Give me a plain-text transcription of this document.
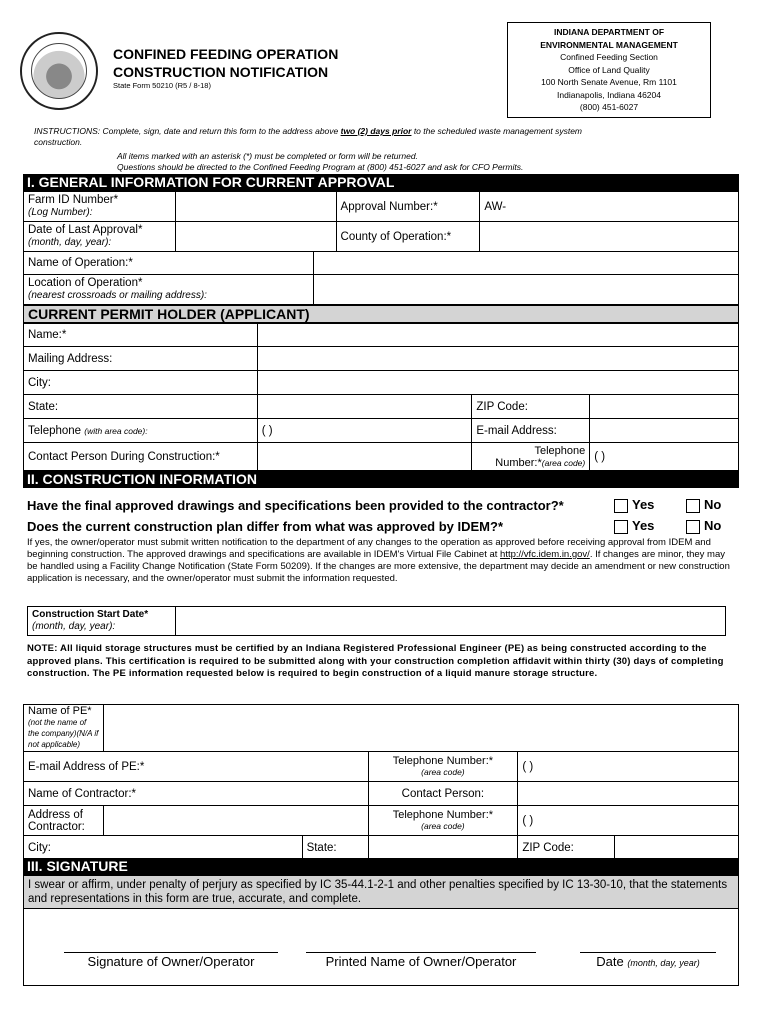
CONFINED FEEDING OPERATION
CONSTRUCTION NOTIFICATION
State Form 50210 (R5 / 8-18)
INDIANA DEPARTMENT OF
ENVIRONMENTAL MANAGEMENT
Confined Feeding Section
Office of Land Quality
100 North Senate Avenue, Rm 1101
Indianapolis, Indiana 46204
(800) 451-6027
INSTRUCTIONS: Complete, sign, date and return this form to the address above two (2) days prior to the scheduled waste management system
construction.
All items marked with an asterisk (*) must be completed or form will be returned.
Questions should be directed to the Confined Feeding Program at (800) 451-6027 and ask for CFO Permits.
I. GENERAL INFORMATION FOR CURRENT APPROVAL
Farm ID Number*
(Log Number):			Approval Number:*	AW-
Date of Last Approval*
(month, day, year):			County of Operation:*	
Name of Operation:*				
Location of Operation*
(nearest crossroads or mailing address):				
CURRENT PERMIT HOLDER (APPLICANT)
Name:*			
Mailing Address:			
City:			
State:		ZIP Code:	
Telephone (with area code):	( )	E-mail Address:	
Contact Person During Construction:*		Telephone
Number:*(area code)	( )
II. CONSTRUCTION INFORMATION
Have the final approved drawings and specifications been provided to the contractor?*	Yes	No
Does the current construction plan differ from what was approved by IDEM?*	Yes	No
If yes, the owner/operator must submit written notification to the department of any changes to the operation as approved before receiving approval from IDEM and beginning construction. The approved drawings and specifications are available in IDEM's Virtual File Cabinet at http://vfc.idem.in.gov/. If changes are minor, they may be handled using a Facility Change Notification (State Form 50209). If the changes are more extensive, the department may decide an amendment or new construction application is necessary, and the owner/operator must submit the information requested.
Construction Start Date*
(month, day, year):	
NOTE: All liquid storage structures must be certified by an Indiana Registered Professional Engineer (PE) as being constructed according to the approved plans. This certification is required to be submitted along with your construction completion affidavit within thirty (30) days of completing construction. The PE information requested below is required to begin construction of a liquid manure storage structure.
Name of PE* (not the name of the company)(N/A if not applicable)					
E-mail Address of PE:*			Telephone Number:*
(area code)	( )	
Name of Contractor:*			Contact Person:		
Address of Contractor:			Telephone Number:*
(area code)	( )	
City:		State:		ZIP Code:	
III. SIGNATURE
I swear or affirm, under penalty of perjury as specified by IC 35-44.1-2-1 and other penalties specified by IC 13-30-10, that the statements and representations in this form are true, accurate, and complete.
Signature of Owner/Operator	Printed Name of Owner/Operator	Date (month, day, year)
